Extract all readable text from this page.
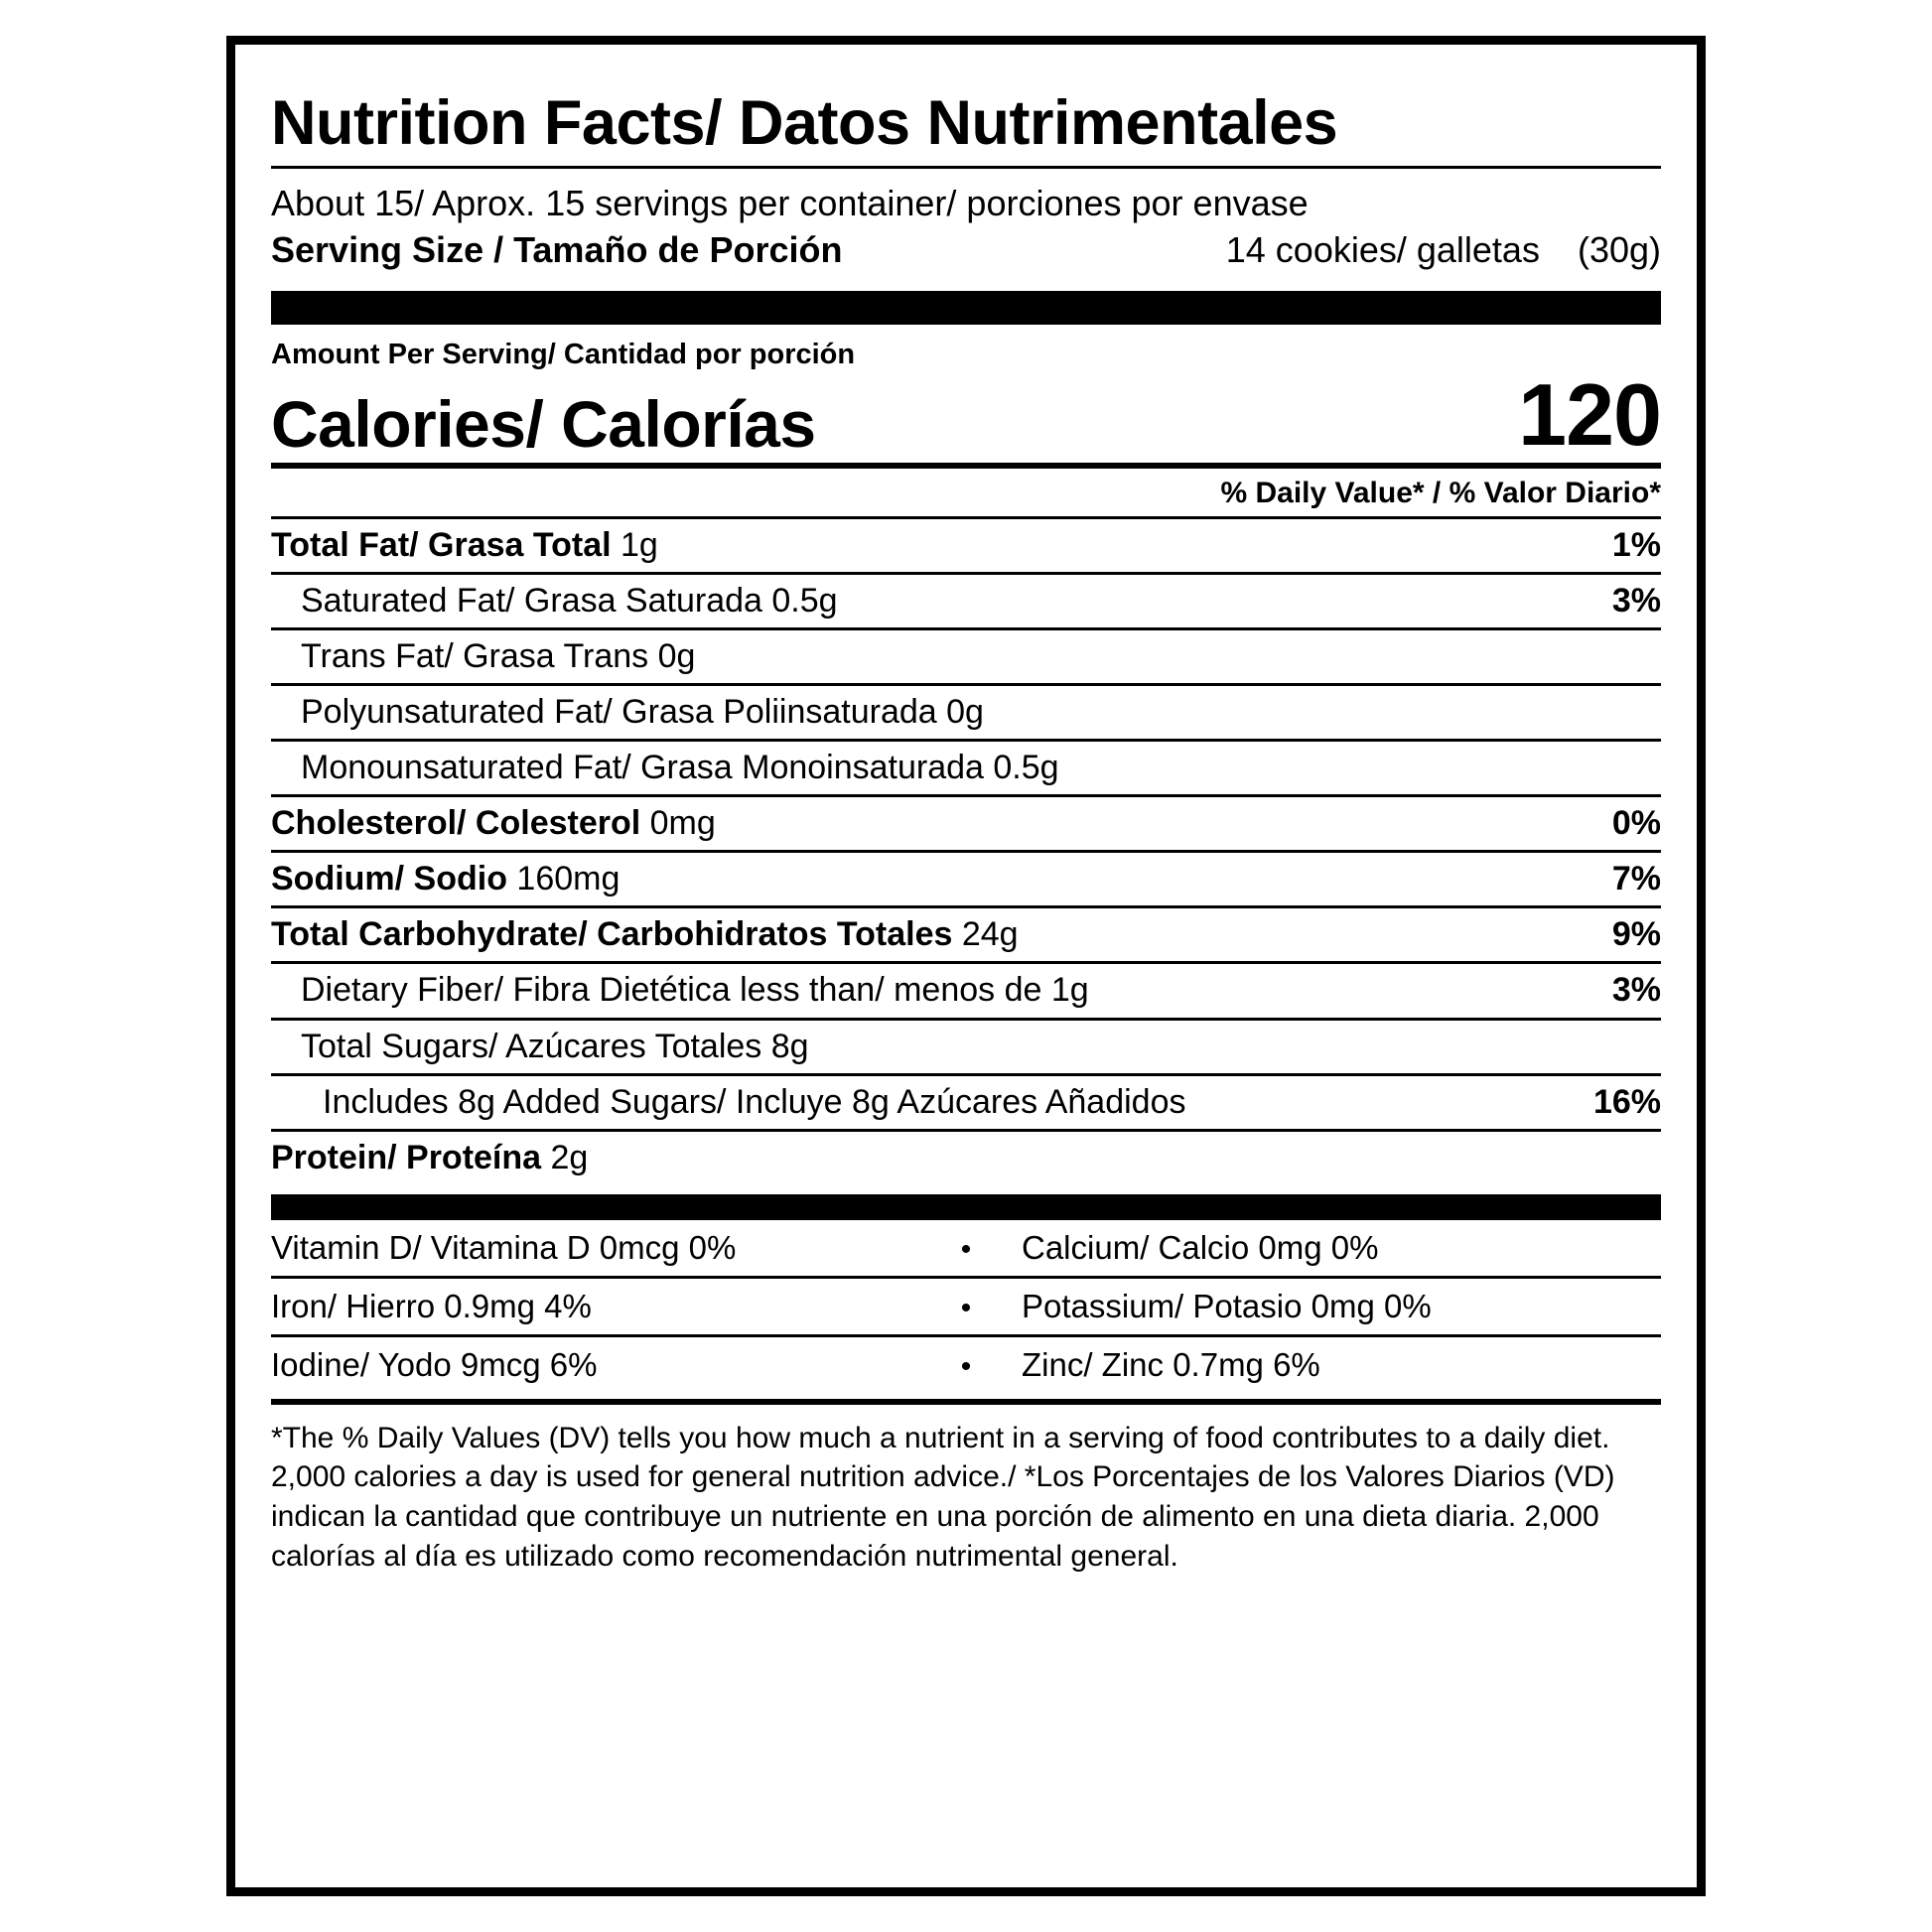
Nutrition Facts/ Datos Nutrimentales
About 15/ Aprox. 15 servings per container/ porciones por envase
Serving Size / Tamaño de Porción	14 cookies/ galletas (30g)
Amount Per Serving/ Cantidad por porción
Calories/ Calorías	120
% Daily Value* / % Valor Diario*
Total Fat/ Grasa Total 1g	1%
Saturated Fat/ Grasa Saturada 0.5g	3%
Trans Fat/ Grasa Trans 0g
Polyunsaturated Fat/ Grasa Poliinsaturada 0g
Monounsaturated Fat/ Grasa Monoinsaturada 0.5g
Cholesterol/ Colesterol 0mg	0%
Sodium/ Sodio 160mg	7%
Total Carbohydrate/ Carbohidratos Totales 24g	9%
Dietary Fiber/ Fibra Dietética less than/ menos de 1g	3%
Total Sugars/ Azúcares Totales 8g
Includes 8g Added Sugars/ Incluye 8g Azúcares Añadidos	16%
Protein/ Proteína 2g
Vitamin D/ Vitamina D 0mcg 0%	•	Calcium/ Calcio 0mg 0%
Iron/ Hierro 0.9mg 4%	•	Potassium/ Potasio 0mg 0%
Iodine/ Yodo 9mcg 6%	•	Zinc/ Zinc 0.7mg 6%
*The % Daily Values (DV) tells you how much a nutrient in a serving of food contributes to a daily diet. 2,000 calories a day is used for general nutrition advice./ *Los Porcentajes de los Valores Diarios (VD) indican la cantidad que contribuye un nutriente en una porción de alimento en una dieta diaria. 2,000 calorías al día es utilizado como recomendación nutrimental general.
